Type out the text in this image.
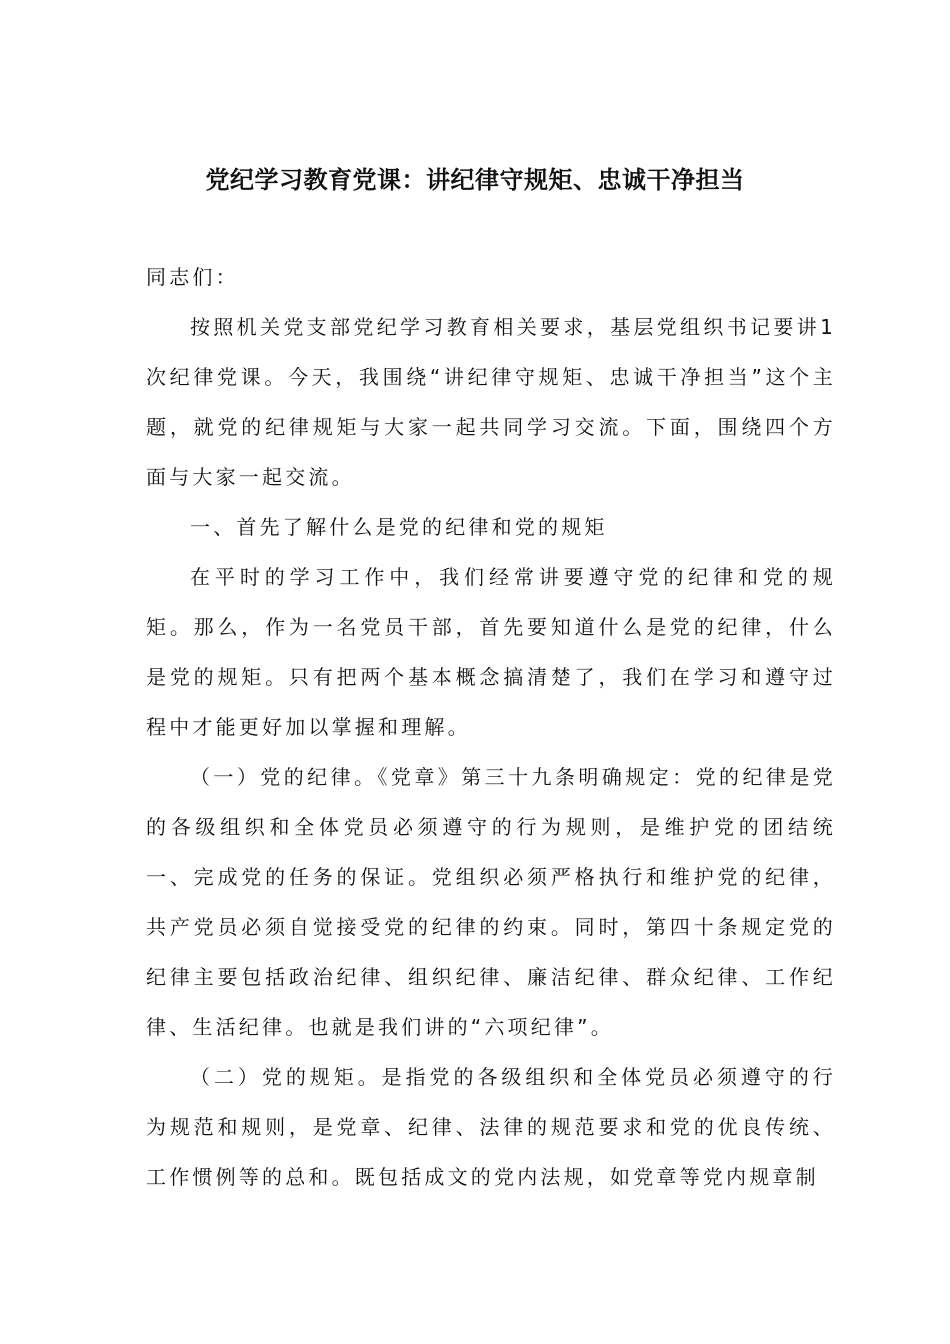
党纪学习教育党课：讲纪律守规矩、忠诚干净担当

同志们：

按照机关党支部党纪学习教育相关要求，基层党组织书记要讲1次纪律党课。今天，我围绕“讲纪律守规矩、忠诚干净担当”这个主题，就党的纪律规矩与大家一起共同学习交流。下面，围绕四个方面与大家一起交流。

一、首先了解什么是党的纪律和党的规矩

在平时的学习工作中，我们经常讲要遵守党的纪律和党的规矩。那么，作为一名党员干部，首先要知道什么是党的纪律，什么是党的规矩。只有把两个基本概念搞清楚了，我们在学习和遵守过程中才能更好加以掌握和理解。

（一）党的纪律。《党章》第三十九条明确规定：党的纪律是党的各级组织和全体党员必须遵守的行为规则，是维护党的团结统一、完成党的任务的保证。党组织必须严格执行和维护党的纪律，共产党员必须自觉接受党的纪律的约束。同时，第四十条规定党的纪律主要包括政治纪律、组织纪律、廉洁纪律、群众纪律、工作纪律、生活纪律。也就是我们讲的“六项纪律”。

（二）党的规矩。是指党的各级组织和全体党员必须遵守的行为规范和规则，是党章、纪律、法律的规范要求和党的优良传统、工作惯例等的总和。既包括成文的党内法规，如党章等党内规章制
